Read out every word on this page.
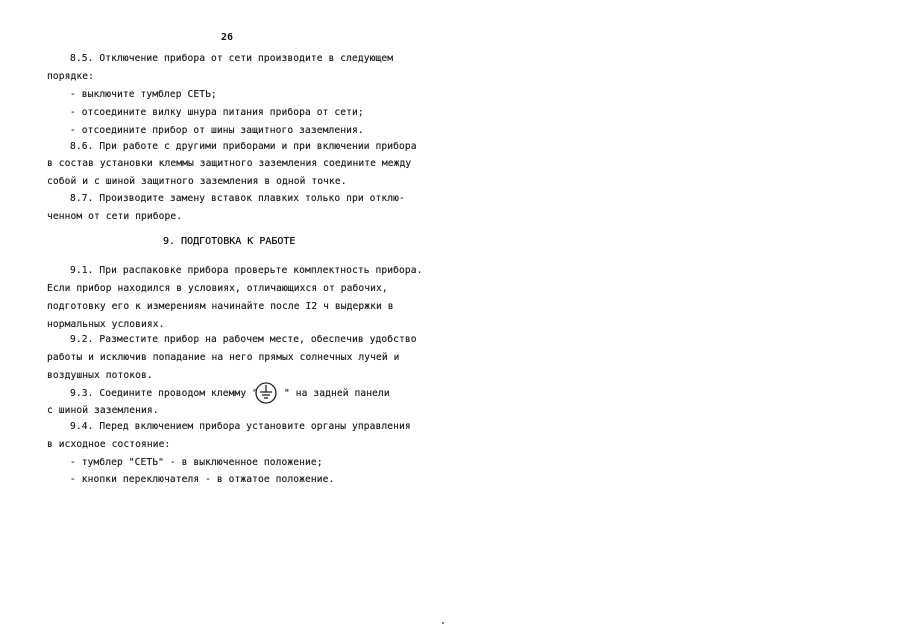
26
8.5. Отключение прибора от сети производите в следующем
порядке:
- выключите тумблер СЕТЬ;
- отсоедините вилку шнура питания прибора от сети;
- отсоедините прибор от шины защитного заземления.
8.6. При работе с другими приборами и при включении прибора
в состав установки клеммы защитного заземления соедините между
собой и с шиной защитного заземления в одной точке.
8.7. Производите замену вставок плавких только при отклю-
ченном от сети приборе.
9. ПОДГОТОВКА К РАБОТЕ
9.1. При распаковке прибора проверьте комплектность прибора.
Если прибор находился в условиях, отличающихся от рабочих,
подготовку его к измерениям начинайте после I2 ч выдержки в
нормальных условиях.
9.2. Разместите прибор на рабочем месте, обеспечив удобство
работы и исключив попадание на него прямых солнечных лучей и
воздушных потоков.
9.3. Соедините проводом клемму "	" на задней панели
с шиной заземления.
9.4. Перед включением прибора установите органы управления
в исходное состояние:
- тумблер "СЕТЬ" - в выключенное положение;
- кнопки переключателя - в отжатое положение.
